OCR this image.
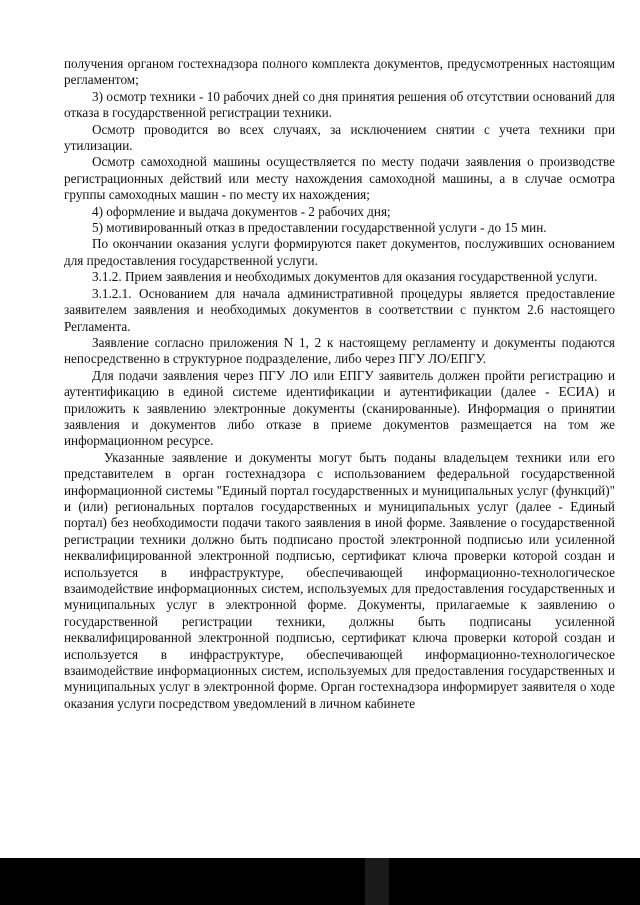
получения органом гостехнадзора полного комплекта документов, предусмотренных настоящим регламентом;

3) осмотр техники - 10 рабочих дней со дня принятия решения об отсутствии оснований для отказа в государственной регистрации техники.

Осмотр проводится во всех случаях, за исключением снятии с учета техники при утилизации.

Осмотр самоходной машины осуществляется по месту подачи заявления о производстве регистрационных действий или месту нахождения самоходной машины, а в случае осмотра группы самоходных машин - по месту их нахождения;

4) оформление и выдача документов - 2 рабочих дня;

5) мотивированный отказ в предоставлении государственной услуги - до 15 мин.

По окончании оказания услуги формируются пакет документов, послуживших основанием для предоставления государственной услуги.

3.1.2. Прием заявления и необходимых документов для оказания государственной услуги.

3.1.2.1. Основанием для начала административной процедуры является предоставление заявителем заявления и необходимых документов в соответствии с пунктом 2.6 настоящего Регламента.

Заявление согласно приложения N 1, 2 к настоящему регламенту и документы подаются непосредственно в структурное подразделение, либо через ПГУ ЛО/ЕПГУ.

Для подачи заявления через ПГУ ЛО или ЕПГУ заявитель должен пройти регистрацию и аутентификацию в единой системе идентификации и аутентификации (далее - ЕСИА) и приложить к заявлению электронные документы (сканированные). Информация о принятии заявления и документов либо отказе в приеме документов размещается на том же информационном ресурсе.

Указанные заявление и документы могут быть поданы владельцем техники или его представителем в орган гостехнадзора с использованием федеральной государственной информационной системы "Единый портал государственных и муниципальных услуг (функций)" и (или) региональных порталов государственных и муниципальных услуг (далее - Единый портал) без необходимости подачи такого заявления в иной форме. Заявление о государственной регистрации техники должно быть подписано простой электронной подписью или усиленной неквалифицированной электронной подписью, сертификат ключа проверки которой создан и используется в инфраструктуре, обеспечивающей информационно-технологическое взаимодействие информационных систем, используемых для предоставления государственных и муниципальных услуг в электронной форме. Документы, прилагаемые к заявлению о государственной регистрации техники, должны быть подписаны усиленной неквалифицированной электронной подписью, сертификат ключа проверки которой создан и используется в инфраструктуре, обеспечивающей информационно-технологическое взаимодействие информационных систем, используемых для предоставления государственных и муниципальных услуг в электронной форме. Орган гостехнадзора информирует заявителя о ходе оказания услуги посредством уведомлений в личном кабинете
